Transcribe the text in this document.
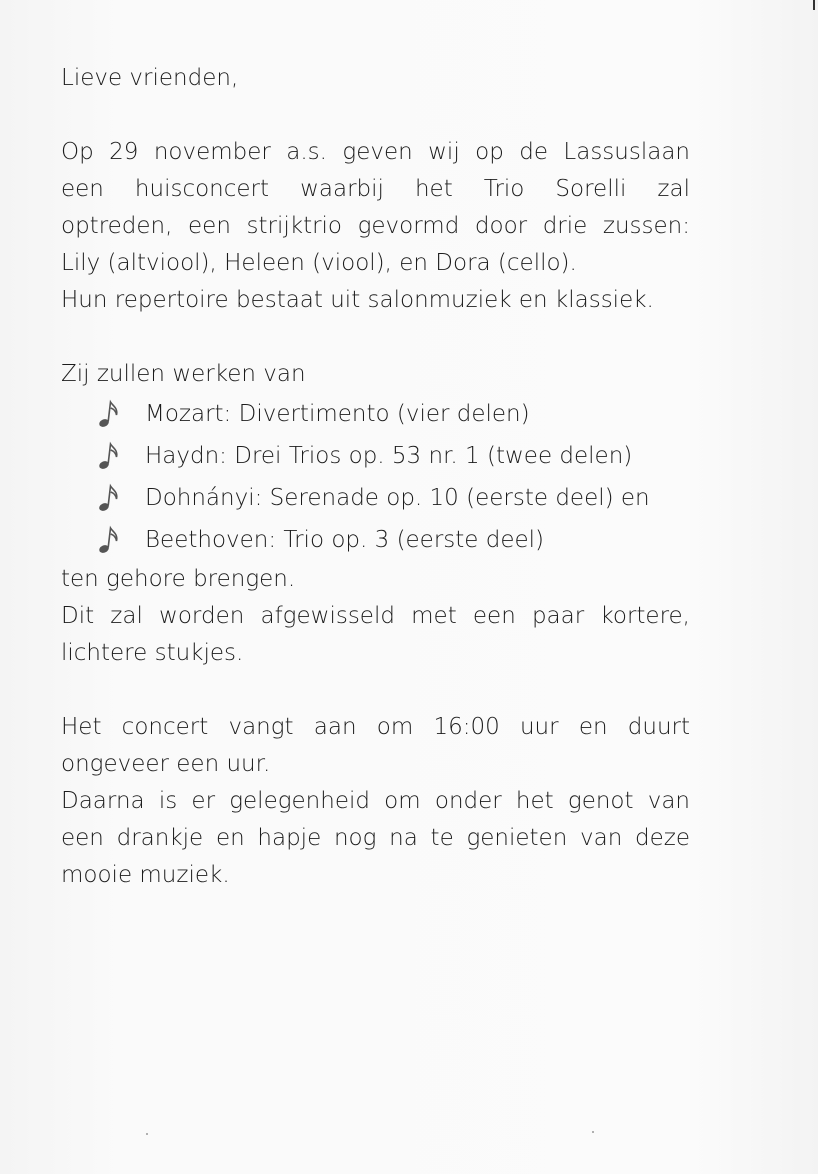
Lieve vrienden,
Op 29 november a.s. geven wij op de Lassuslaan
een huisconcert waarbij het Trio Sorelli zal
optreden, een strijktrio gevormd door drie zussen:
Lily (altviool), Heleen (viool), en Dora (cello).
Hun repertoire bestaat uit salonmuziek en klassiek.
Zij zullen werken van
Mozart: Divertimento (vier delen)
Haydn: Drei Trios op. 53 nr. 1 (twee delen)
Dohnányi: Serenade op. 10 (eerste deel) en
Beethoven: Trio op. 3 (eerste deel)
ten gehore brengen.
Dit zal worden afgewisseld met een paar kortere,
lichtere stukjes.
Het concert vangt aan om 16:00 uur en duurt
ongeveer een uur.
Daarna is er gelegenheid om onder het genot van
een drankje en hapje nog na te genieten van deze
mooie muziek.
